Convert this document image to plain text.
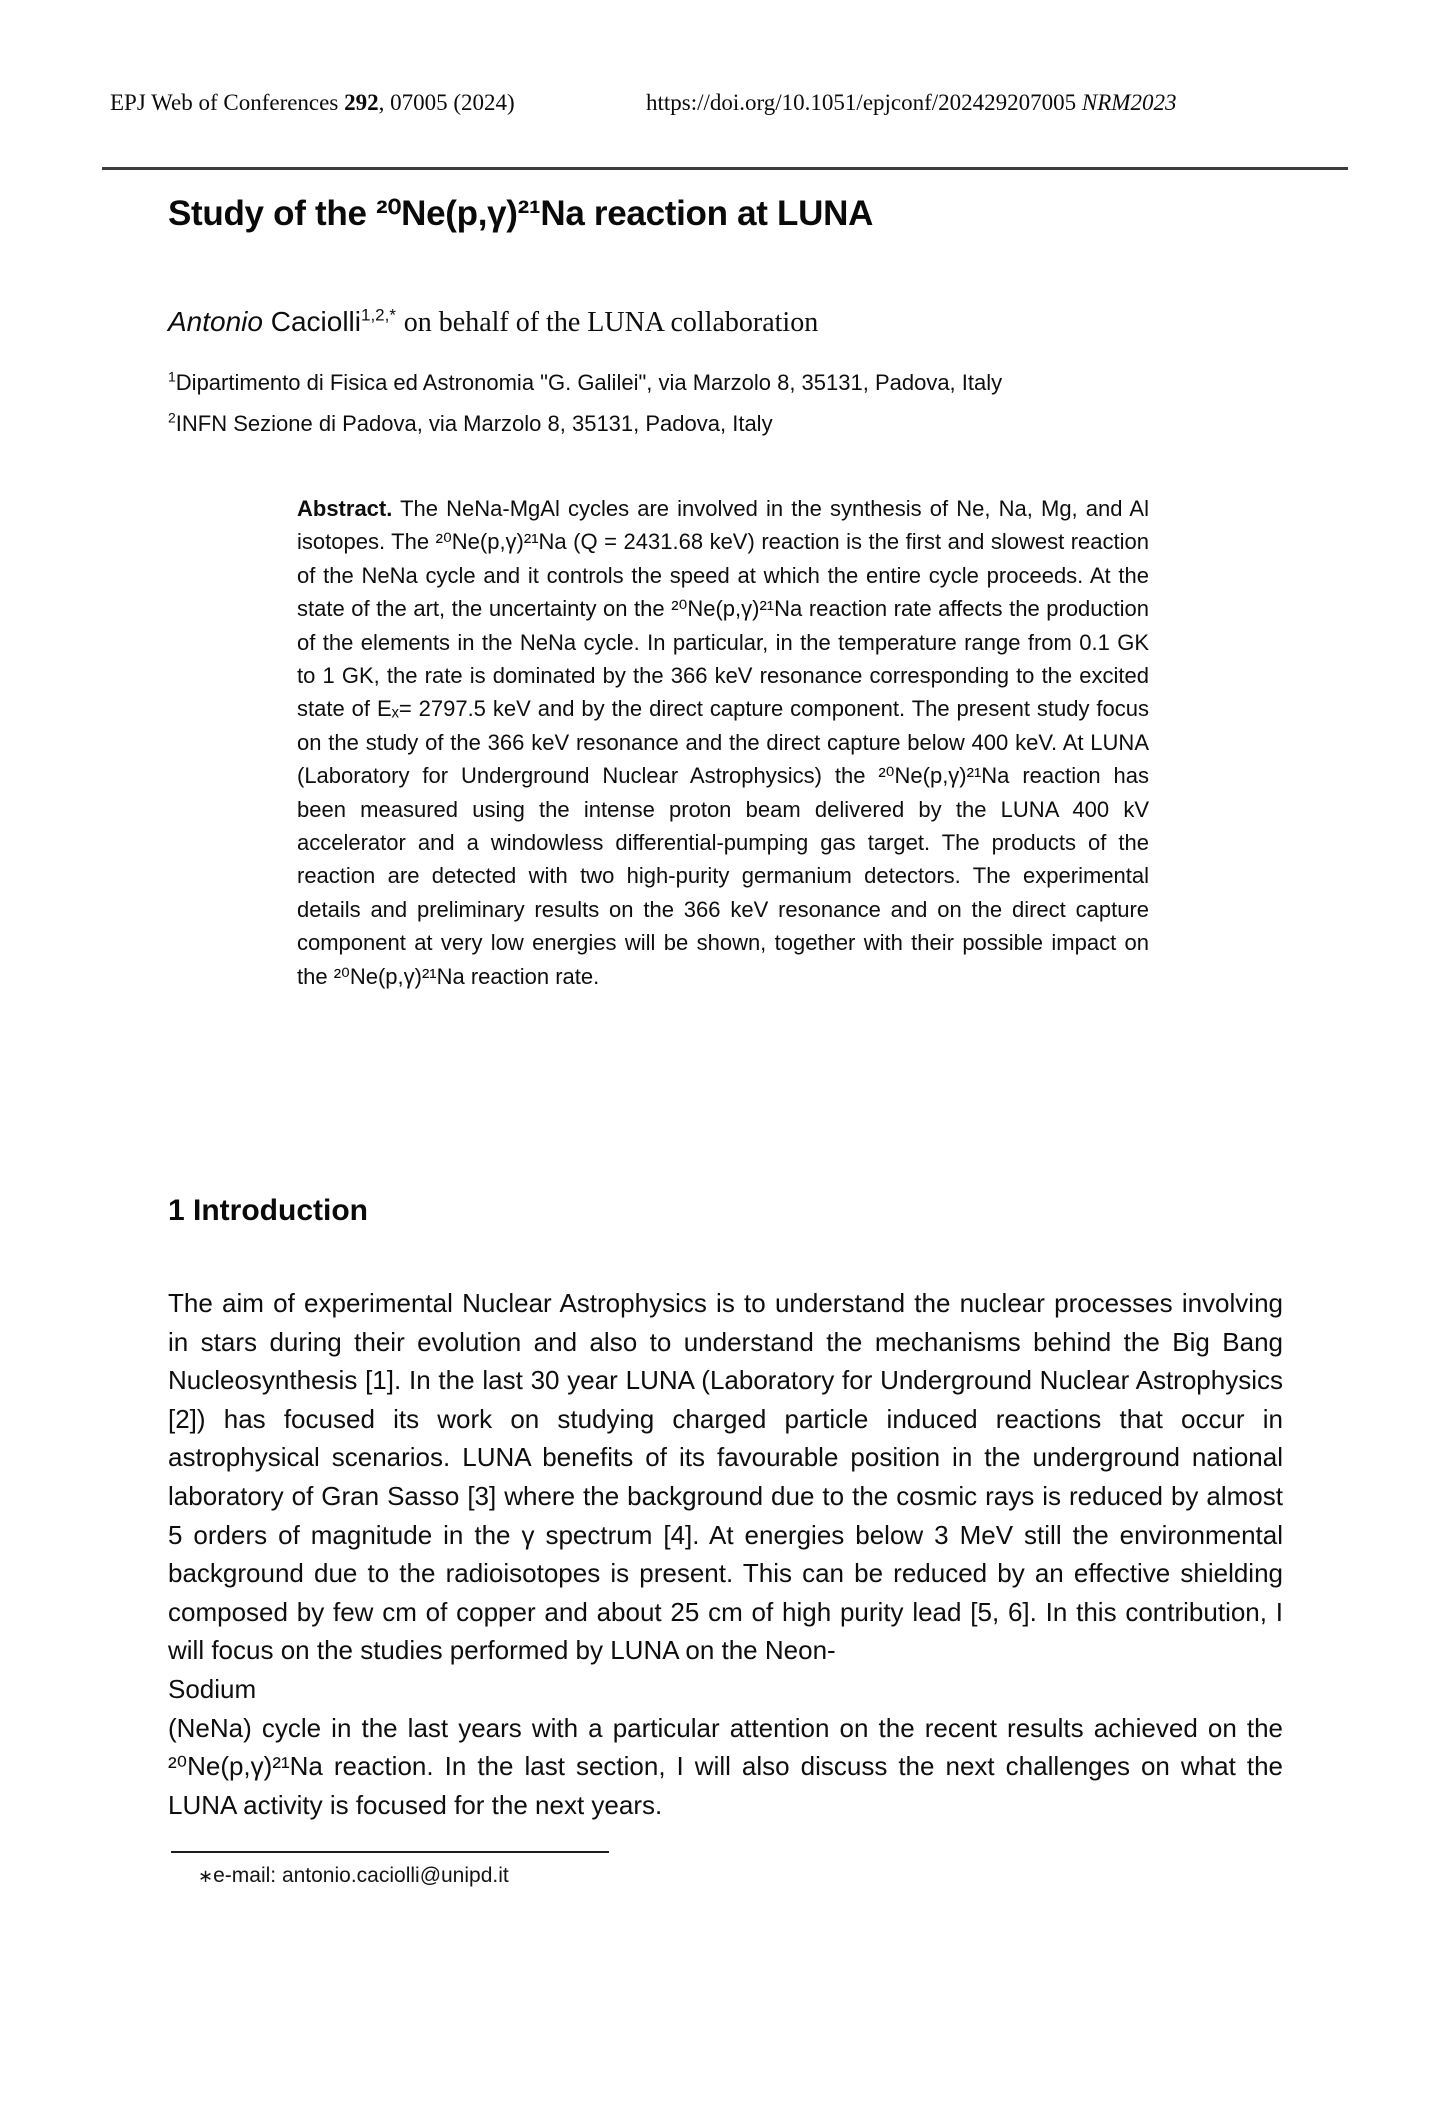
EPJ Web of Conferences 292, 07005 (2024)	https://doi.org/10.1051/epjconf/202429207005 NRM2023
Study of the ²⁰Ne(p,γ)²¹Na reaction at LUNA
Antonio Caciolli$^{1,2,*}$ on behalf of the LUNA collaboration
$^1$Dipartimento di Fisica ed Astronomia "G. Galilei", via Marzolo 8, 35131, Padova, Italy
$^2$INFN Sezione di Padova, via Marzolo 8, 35131, Padova, Italy
Abstract. The NeNa-MgAl cycles are involved in the synthesis of Ne, Na, Mg, and Al isotopes. The ²⁰Ne(p,γ)²¹Na (Q = 2431.68 keV) reaction is the first and slowest reaction of the NeNa cycle and it controls the speed at which the entire cycle proceeds. At the state of the art, the uncertainty on the ²⁰Ne(p,γ)²¹Na reaction rate affects the production of the elements in the NeNa cycle. In particular, in the temperature range from 0.1 GK to 1 GK, the rate is dominated by the 366 keV resonance corresponding to the excited state of Eₓ= 2797.5 keV and by the direct capture component. The present study focus on the study of the 366 keV resonance and the direct capture below 400 keV. At LUNA (Laboratory for Underground Nuclear Astrophysics) the ²⁰Ne(p,γ)²¹Na reaction has been measured using the intense proton beam delivered by the LUNA 400 kV accelerator and a windowless differential-pumping gas target. The products of the reaction are detected with two high-purity germanium detectors. The experimental details and preliminary results on the 366 keV resonance and on the direct capture component at very low energies will be shown, together with their possible impact on the ²⁰Ne(p,γ)²¹Na reaction rate.
1 Introduction

The aim of experimental Nuclear Astrophysics is to understand the nuclear processes involving in stars during their evolution and also to understand the mechanisms behind the Big Bang Nucleosynthesis [1]. In the last 30 year LUNA (Laboratory for Underground Nuclear Astrophysics [2]) has focused its work on studying charged particle induced reactions that occur in astrophysical scenarios. LUNA benefits of its favourable position in the underground national laboratory of Gran Sasso [3] where the background due to the cosmic rays is reduced by almost 5 orders of magnitude in the γ spectrum [4]. At energies below 3 MeV still the environmental background due to the radioisotopes is present. This can be reduced by an effective shielding composed by few cm of copper and about 25 cm of high purity lead [5, 6]. In this contribution, I will focus on the studies performed by LUNA on the Neon-
Sodium

(NeNa) cycle in the last years with a particular attention on the recent results achieved on the ²⁰Ne(p,γ)²¹Na reaction. In the last section, I will also discuss the next challenges on what the LUNA activity is focused for the next years.

∗e-mail: antonio.caciolli@unipd.it
